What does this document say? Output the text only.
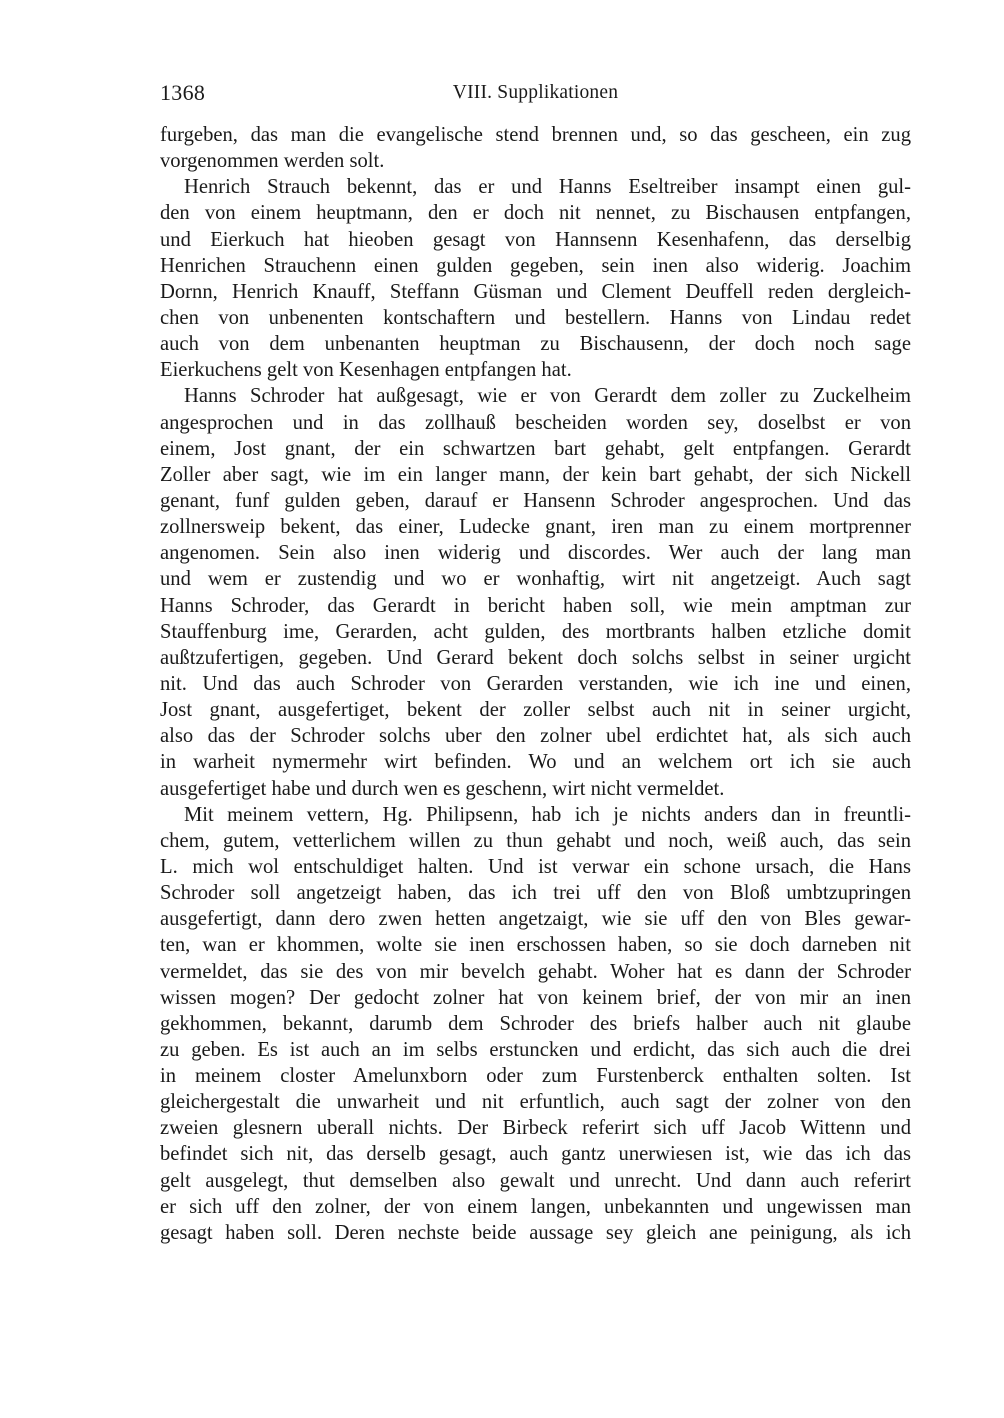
1368	VIII. Supplikationen
furgeben, das man die evangelische stend brennen und, so das gescheen, ein zug
vorgenommen werden solt.
Henrich Strauch bekennt, das er und Hanns Eseltreiber insampt einen gul-
den von einem heuptmann, den er doch nit nennet, zu Bischausen entpfangen,
und Eierkuch hat hieoben gesagt von Hannsenn Kesenhafenn, das derselbig
Henrichen Strauchenn einen gulden gegeben, sein inen also widerig. Joachim
Dornn, Henrich Knauff, Steffann Güsman und Clement Deuffell reden dergleich-
chen von unbenenten kontschaftern und bestellern. Hanns von Lindau redet
auch von dem unbenanten heuptman zu Bischausenn, der doch noch sage
Eierkuchens gelt von Kesenhagen entpfangen hat.
Hanns Schroder hat außgesagt, wie er von Gerardt dem zoller zu Zuckelheim
angesprochen und in das zollhauß bescheiden worden sey, doselbst er von
einem, Jost gnant, der ein schwartzen bart gehabt, gelt entpfangen. Gerardt
Zoller aber sagt, wie im ein langer mann, der kein bart gehabt, der sich Nickell
genant, funf gulden geben, darauf er Hansenn Schroder angesprochen. Und das
zollnersweip bekent, das einer, Ludecke gnant, iren man zu einem mortprenner
angenomen. Sein also inen widerig und discordes. Wer auch der lang man
und wem er zustendig und wo er wonhaftig, wirt nit angetzeigt. Auch sagt
Hanns Schroder, das Gerardt in bericht haben soll, wie mein amptman zur
Stauffenburg ime, Gerarden, acht gulden, des mortbrants halben etzliche domit
außtzufertigen, gegeben. Und Gerard bekent doch solchs selbst in seiner urgicht
nit. Und das auch Schroder von Gerarden verstanden, wie ich ine und einen,
Jost gnant, ausgefertiget, bekent der zoller selbst auch nit in seiner urgicht,
also das der Schroder solchs uber den zolner ubel erdichtet hat, als sich auch
in warheit nymermehr wirt befinden. Wo und an welchem ort ich sie auch
ausgefertiget habe und durch wen es geschenn, wirt nicht vermeldet.
Mit meinem vettern, Hg. Philipsenn, hab ich je nichts anders dan in freuntli-
chem, gutem, vetterlichem willen zu thun gehabt und noch, weiß auch, das sein
L. mich wol entschuldiget halten. Und ist verwar ein schone ursach, die Hans
Schroder soll angetzeigt haben, das ich trei uff den von Bloß umbtzupringen
ausgefertigt, dann dero zwen hetten angetzaigt, wie sie uff den von Bles gewar-
ten, wan er khommen, wolte sie inen erschossen haben, so sie doch darneben nit
vermeldet, das sie des von mir bevelch gehabt. Woher hat es dann der Schroder
wissen mogen? Der gedocht zolner hat von keinem brief, der von mir an inen
gekhommen, bekannt, darumb dem Schroder des briefs halber auch nit glaube
zu geben. Es ist auch an im selbs erstuncken und erdicht, das sich auch die drei
in meinem closter Amelunxborn oder zum Furstenberck enthalten solten. Ist
gleichergestalt die unwarheit und nit erfuntlich, auch sagt der zolner von den
zweien glesnern uberall nichts. Der Birbeck referirt sich uff Jacob Wittenn und
befindet sich nit, das derselb gesagt, auch gantz unerwiesen ist, wie das ich das
gelt ausgelegt, thut demselben also gewalt und unrecht. Und dann auch referirt
er sich uff den zolner, der von einem langen, unbekannten und ungewissen man
gesagt haben soll. Deren nechste beide aussage sey gleich ane peinigung, als ich
